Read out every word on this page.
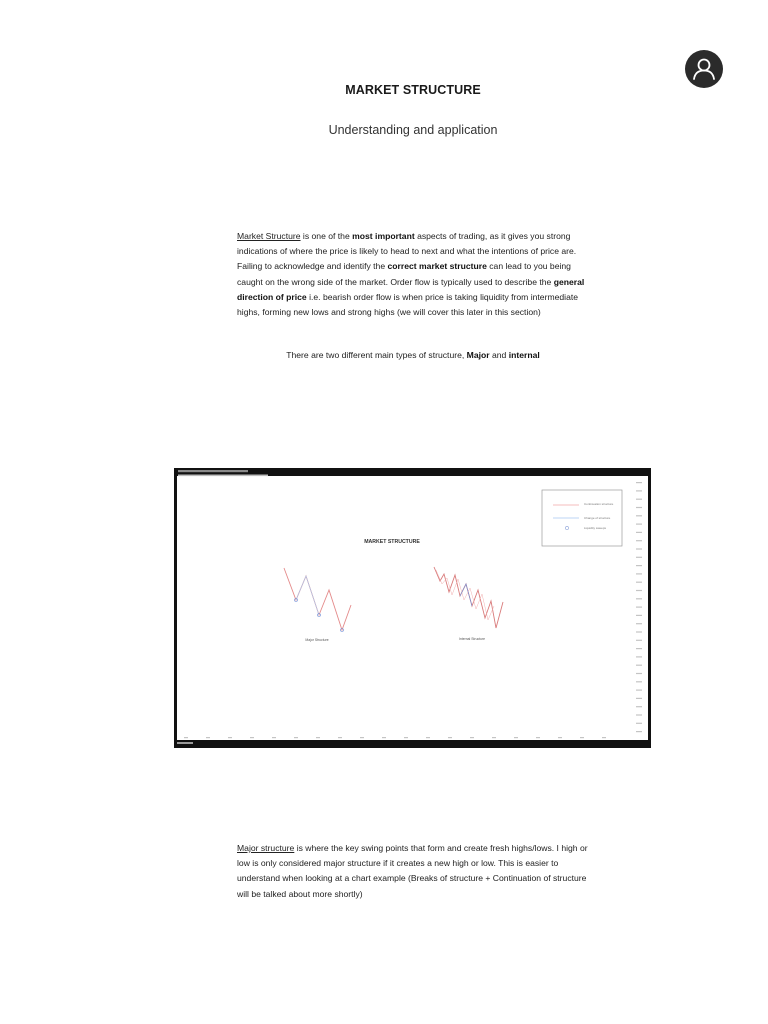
MARKET STRUCTURE
Understanding and application
Market Structure is one of the most important aspects of trading, as it gives you strong indications of where the price is likely to head to next and what the intentions of price are. Failing to acknowledge and identify the correct market structure can lead to you being caught on the wrong side of the market. Order flow is typically used to describe the general direction of price i.e. bearish order flow is when price is taking liquidity from intermediate highs, forming new lows and strong highs (we will cover this later in this section)
There are two different main types of structure, Major and internal
Continuation structure
Change of structure
Liquidity sweeps
MARKET STRUCTURE
Major Structure	Internal Structure
Major structure is where the key swing points that form and create fresh highs/lows. I high or low is only considered major structure if it creates a new high or low. This is easier to understand when looking at a chart example (Breaks of structure + Continuation of structure will be talked about more shortly)
